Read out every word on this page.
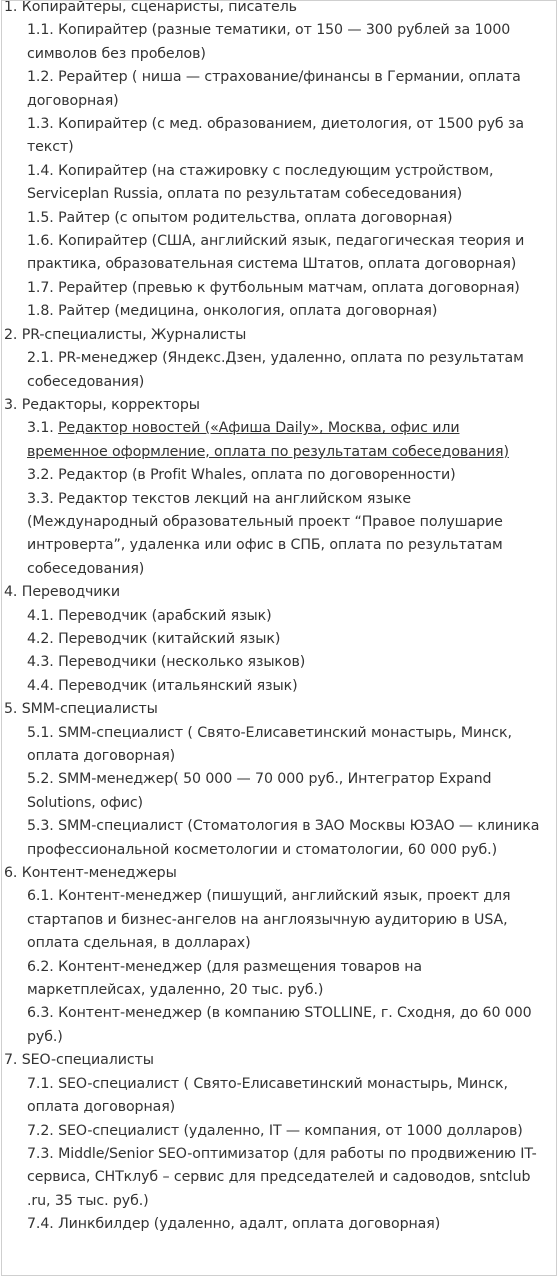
1. Копирайтеры, сценаристы, писатель
1.1. Копирайтер (разные тематики, от 150 — 300 рублей за 1000 символов без пробелов)
1.2. Рерайтер ( ниша — страхование/финансы в Германии, оплата договорная)
1.3. Копирайтер (с мед. образованием, диетология, от 1500 руб за текст)
1.4. Копирайтер (на стажировку с последующим устройством, Serviceplan Russia, оплата по результатам собеседования)
1.5. Райтер (с опытом родительства, оплата договорная)
1.6. Копирайтер (США, английский язык, педагогическая теория и практика, образовательная система Штатов, оплата договорная)
1.7. Рерайтер (превью к футбольным матчам, оплата договорная)
1.8. Райтер (медицина, онкология, оплата договорная)
2. PR-специалисты, Журналисты
2.1. PR-менеджер (Яндекс.Дзен, удаленно, оплата по результатам собеседования)
3. Редакторы, корректоры
3.1. Редактор новостей («Афиша Daily», Москва, офис или временное оформление, оплата по результатам собеседования)
3.2. Редактор (в Profit Whales, оплата по договоренности)
3.3. Редактор текстов лекций на английском языке (Международный образовательный проект “Правое полушарие интроверта”, удаленка или офис в СПБ, оплата по результатам собеседования)
4. Переводчики
4.1. Переводчик (арабский язык)
4.2. Переводчик (китайский язык)
4.3. Переводчики (несколько языков)
4.4. Переводчик (итальянский язык)
5. SMM-специалисты
5.1. SMM-специалист ( Свято-Елисаветинский монастырь, Минск, оплата договорная)
5.2. SMM-менеджер( 50 000 — 70 000 руб., Интегратор Expand Solutions, офис)
5.3. SMM-специалист (Стоматология в ЗАО Москвы ЮЗАО — клиника профессиональной косметологии и стоматологии, 60 000 руб.)
6. Контент-менеджеры
6.1. Контент-менеджер (пишущий, английский язык, проект для стартапов и бизнес-ангелов на англоязычную аудиторию в USA, оплата сдельная, в долларах)
6.2. Контент-менеджер (для размещения товаров на маркетплейсах, удаленно, 20 тыс. руб.)
6.3. Контент-менеджер (в компанию STOLLINE, г. Сходня, до 60 000 руб.)
7. SEO-специалисты
7.1. SEO-специалист ( Свято-Елисаветинский монастырь, Минск, оплата договорная)
7.2. SEO-специалист (удаленно, IT — компания, от 1000 долларов)
7.3. Middle/Senior SEO-оптимизатор (для работы по продвижению IT-сервиса, СНТклуб – сервис для председателей и садоводов, sntclub .ru, 35 тыс. руб.)
7.4. Линкбилдер (удаленно, адалт, оплата договорная)
